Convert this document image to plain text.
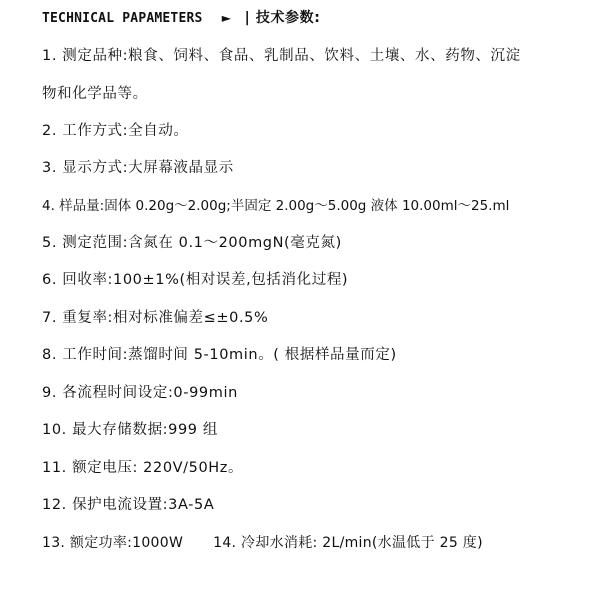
TECHNICAL PAPAMETERS ► | 技术参数:
1. 测定品种:粮食、饲料、食品、乳制品、饮料、土壤、水、药物、沉淀
物和化学品等。
2. 工作方式:全自动。
3. 显示方式:大屏幕液晶显示
4. 样品量:固体 0.20g～2.00g;半固定 2.00g～5.00g 液体 10.00ml～25.ml
5. 测定范围:含氮在 0.1～200mgN(毫克氮)
6. 回收率:100±1%(相对误差,包括消化过程)
7. 重复率:相对标准偏差≤±0.5%
8. 工作时间:蒸馏时间 5-10min。( 根据样品量而定)
9. 各流程时间设定:0-99min
10. 最大存储数据:999 组
11. 额定电压: 220V/50Hz。
12. 保护电流设置:3A-5A
13. 额定功率:1000W 14. 冷却水消耗: 2L/min(水温低于 25 度)
